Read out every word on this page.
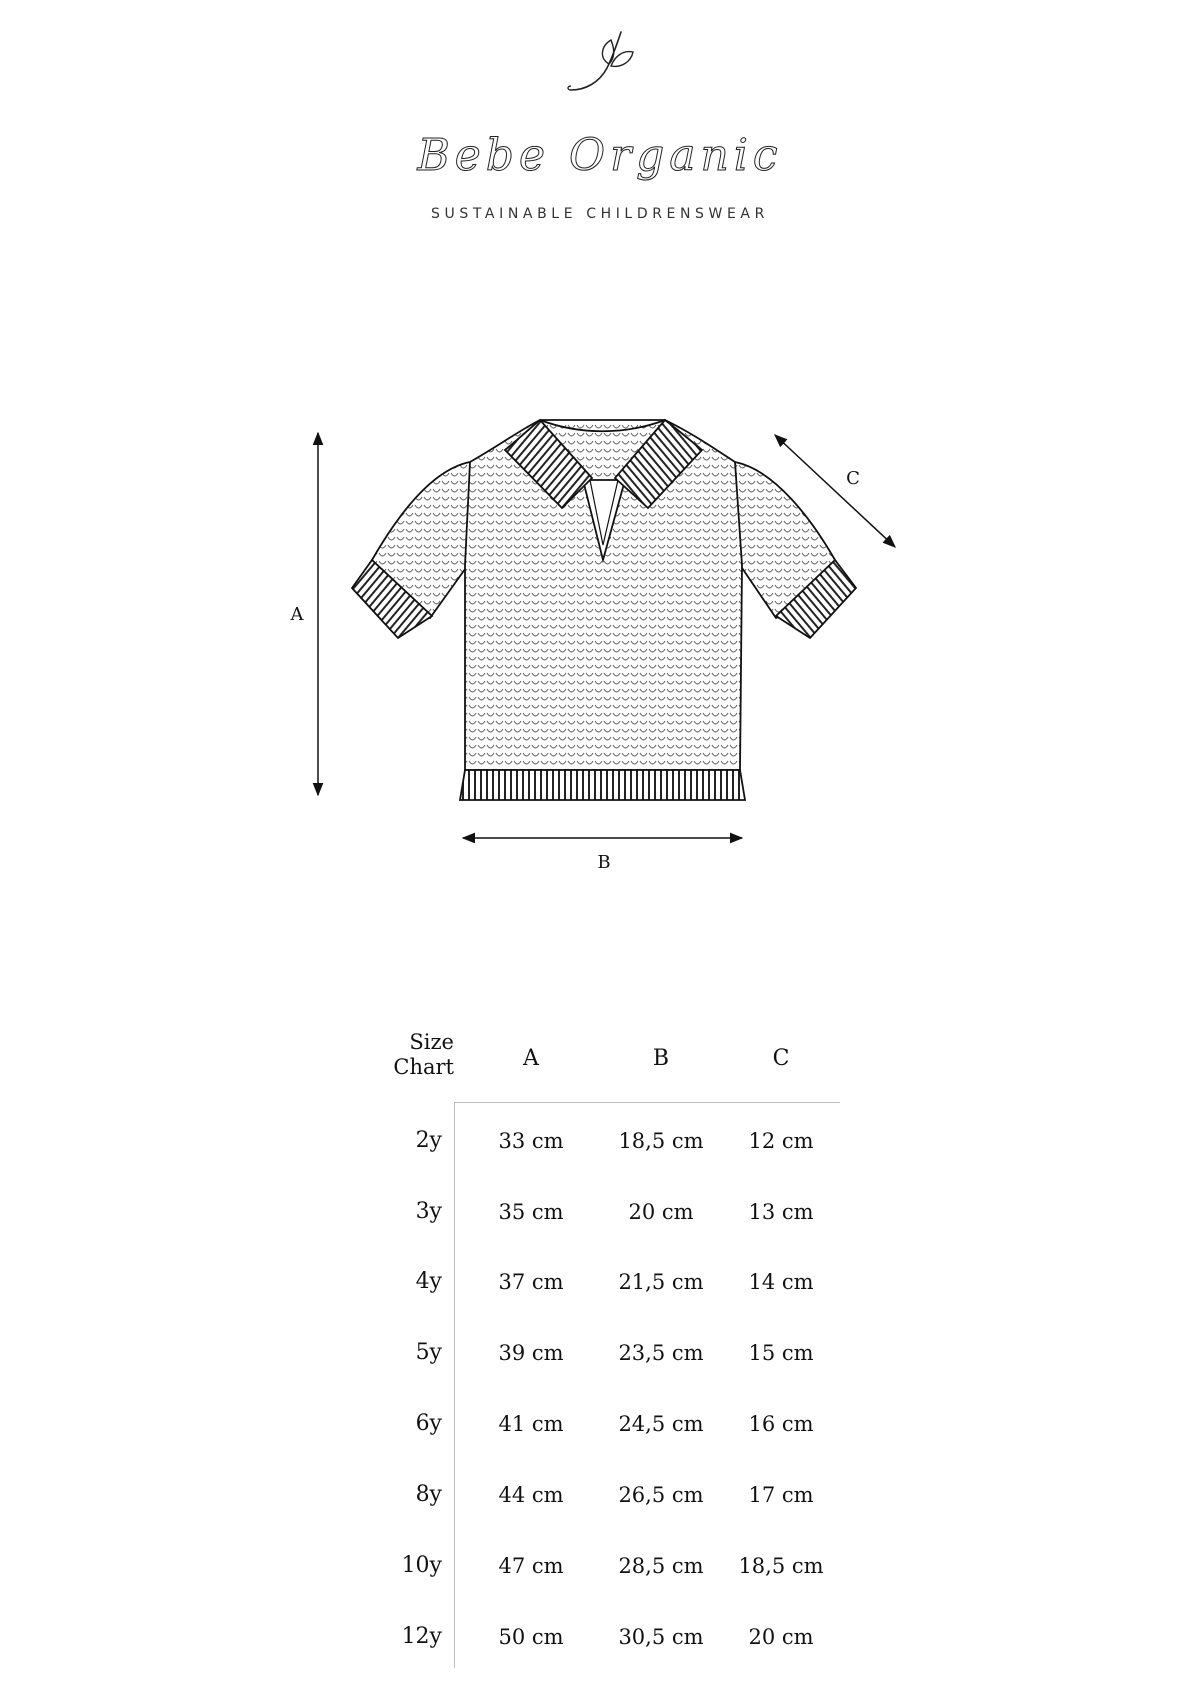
Bebe Organic
SUSTAINABLE CHILDRENSWEAR
A
B
C
Size
Chart	A	B	C
2y	33 cm	18,5 cm	12 cm
3y	35 cm	20 cm	13 cm
4y	37 cm	21,5 cm	14 cm
5y	39 cm	23,5 cm	15 cm
6y	41 cm	24,5 cm	16 cm
8y	44 cm	26,5 cm	17 cm
10y	47 cm	28,5 cm	18,5 cm
12y	50 cm	30,5 cm	20 cm
